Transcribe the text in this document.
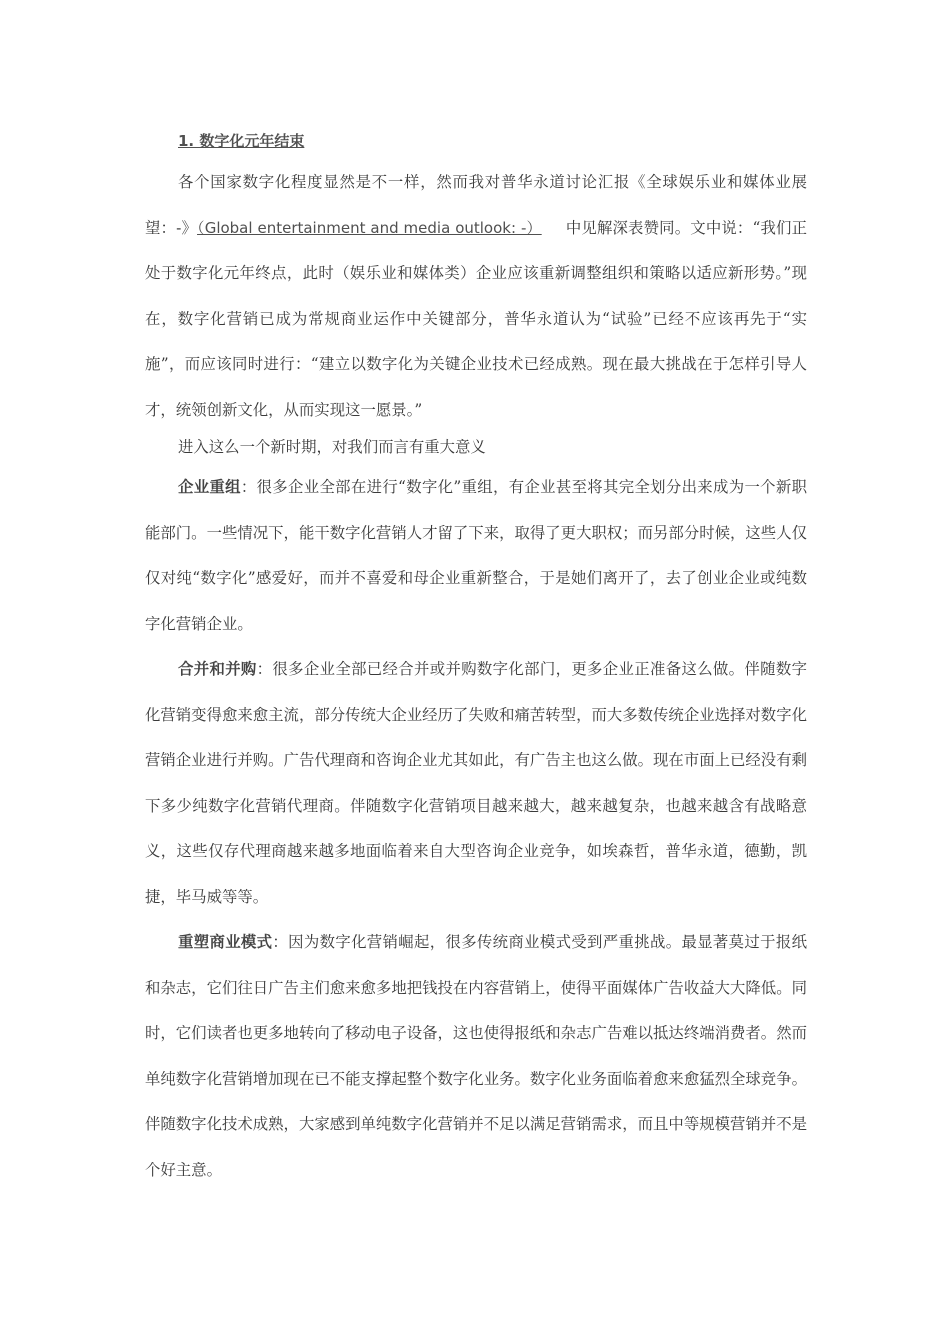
1. 数字化元年结束

各个国家数字化程度显然是不一样，然而我对普华永道讨论汇报《全球娱乐业和媒体业展望：-》（Global entertainment and media outlook: -） 中见解深表赞同。文中说：“我们正处于数字化元年终点，此时（娱乐业和媒体类）企业应该重新调整组织和策略以适应新形势。”现在，数字化营销已成为常规商业运作中关键部分，普华永道认为“试验”已经不应该再先于“实施”，而应该同时进行：“建立以数字化为关键企业技术已经成熟。现在最大挑战在于怎样引导人才，统领创新文化，从而实现这一愿景。”

进入这么一个新时期，对我们而言有重大意义

企业重组：很多企业全部在进行“数字化”重组，有企业甚至将其完全划分出来成为一个新职能部门。一些情况下，能干数字化营销人才留了下来，取得了更大职权；而另部分时候，这些人仅仅对纯“数字化”感爱好，而并不喜爱和母企业重新整合，于是她们离开了，去了创业企业或纯数字化营销企业。

合并和并购：很多企业全部已经合并或并购数字化部门，更多企业正准备这么做。伴随数字化营销变得愈来愈主流，部分传统大企业经历了失败和痛苦转型，而大多数传统企业选择对数字化营销企业进行并购。广告代理商和咨询企业尤其如此，有广告主也这么做。现在市面上已经没有剩下多少纯数字化营销代理商。伴随数字化营销项目越来越大，越来越复杂，也越来越含有战略意义，这些仅存代理商越来越多地面临着来自大型咨询企业竞争，如埃森哲，普华永道，德勤，凯捷，毕马威等等。

重塑商业模式：因为数字化营销崛起，很多传统商业模式受到严重挑战。最显著莫过于报纸和杂志，它们往日广告主们愈来愈多地把钱投在内容营销上，使得平面媒体广告收益大大降低。同时，它们读者也更多地转向了移动电子设备，这也使得报纸和杂志广告难以抵达终端消费者。然而单纯数字化营销增加现在已不能支撑起整个数字化业务。数字化业务面临着愈来愈猛烈全球竞争。伴随数字化技术成熟，大家感到单纯数字化营销并不足以满足营销需求，而且中等规模营销并不是个好主意。
